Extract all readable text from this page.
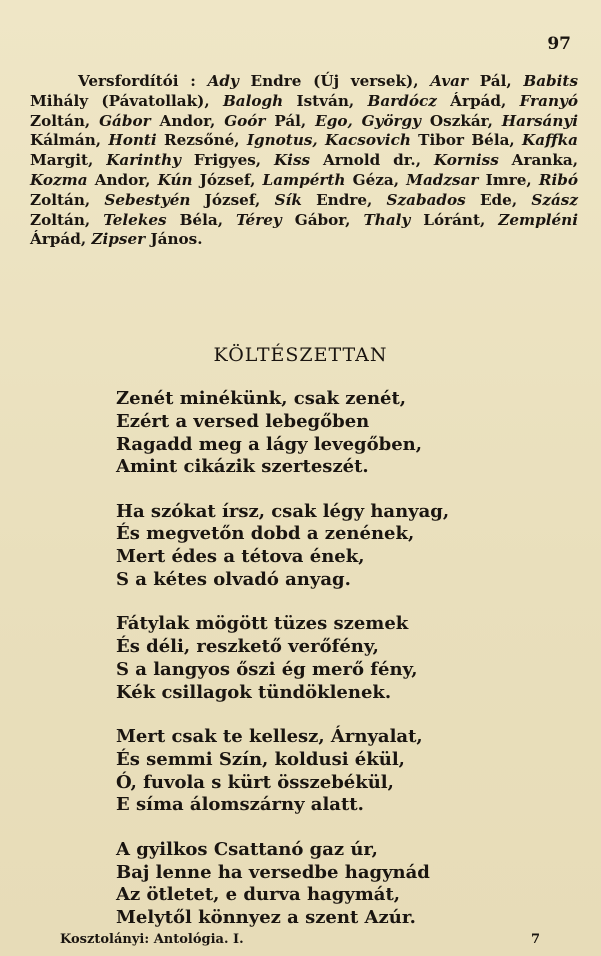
97
Versfordítói : Ady Endre (Új versek), Avar Pál, Babits Mihály (Pávatollak), Balogh István, Bardócz Árpád, Franyó Zoltán, Gábor Andor, Goór Pál, Ego, György Oszkár, Harsányi Kálmán, Honti Rezsőné, Ignotus, Kacsovich Tibor Béla, Kaffka Margit, Karinthy Frigyes, Kiss Arnold dr., Korniss Aranka, Kozma Andor, Kún József, Lampérth Géza, Madzsar Imre, Ribó Zoltán, Sebestyén József, Sík Endre, Szabados Ede, Szász Zoltán, Telekes Béla, Térey Gábor, Thaly Lóránt, Zempléni Árpád, Zipser János.
KÖLTÉSZETTAN
Zenét minékünk, csak zenét,
Ezért a versed lebegőben
Ragadd meg a lágy levegőben,
Amint cikázik szerteszét.
Ha szókat írsz, csak légy hanyag,
És megvetőn dobd a zenének,
Mert édes a tétova ének,
S a kétes olvadó anyag.
Fátylak mögött tüzes szemek
És déli, reszkető verőfény,
S a langyos őszi ég merő fény,
Kék csillagok tündöklenek.
Mert csak te kellesz, Árnyalat,
És semmi Szín, koldusi ékül,
Ó, fuvola s kürt összebékül,
E síma álomszárny alatt.
A gyilkos Csattanó gaz úr,
Baj lenne ha versedbe hagynád
Az ötletet, e durva hagymát,
Melytől könnyez a szent Azúr.
Kosztolányi: Antológia. I.	7
